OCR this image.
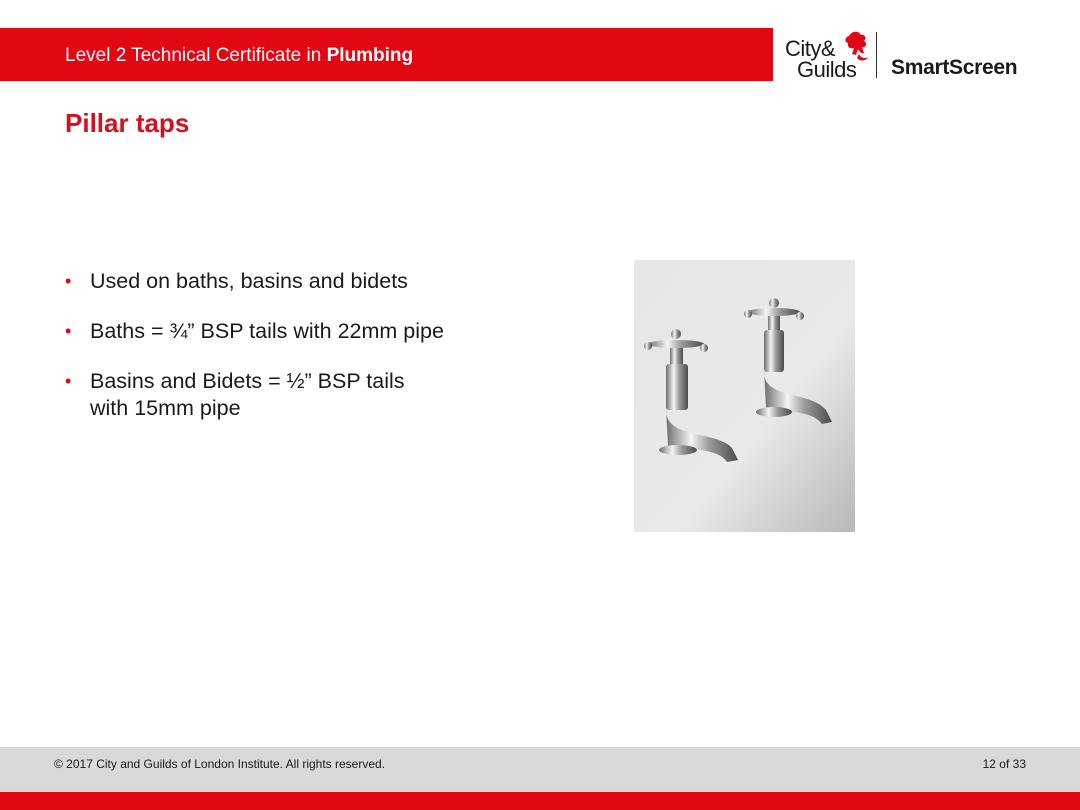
Level 2 Technical Certificate in Plumbing	City&
Guilds SmartScreen
Pillar taps
• Used on baths, basins and bidets
• Baths = ¾” BSP tails with 22mm pipe
• Basins and Bidets = ½” BSP tails with 15mm pipe
© 2017 City and Guilds of London Institute. All rights reserved.	12 of 33
